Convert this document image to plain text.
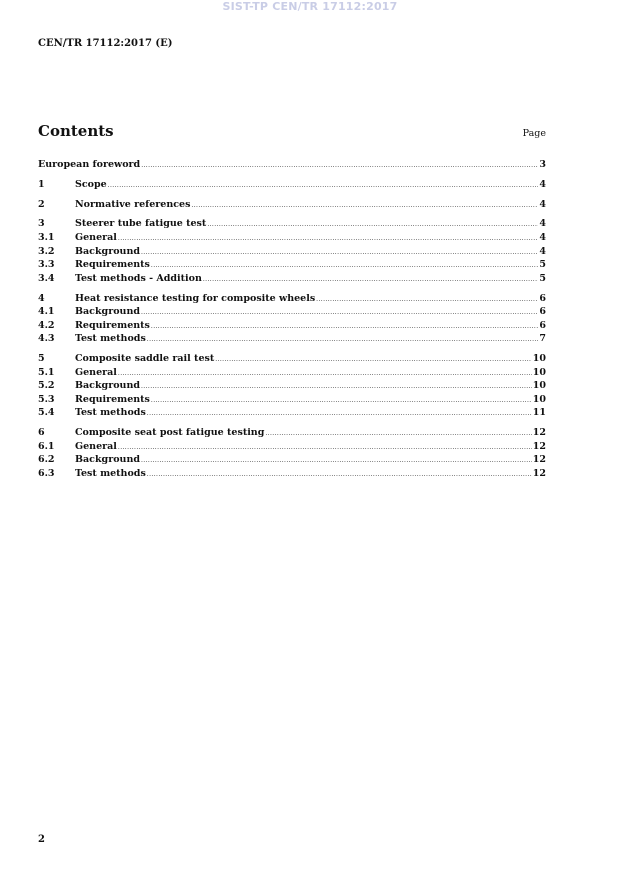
SIST-TP CEN/TR 17112:2017
CEN/TR 17112:2017 (E)
Contents	Page
European foreword .....	3
1	Scope .....	4
2	Normative references .....	4
3	Steerer tube fatigue test .....	4
3.1	General .....	4
3.2	Background .....	4
3.3	Requirements .....	5
3.4	Test methods - Addition .....	5
4	Heat resistance testing for composite wheels .....	6
4.1	Background .....	6
4.2	Requirements .....	6
4.3	Test methods .....	7
5	Composite saddle rail test .....	10
5.1	General .....	10
5.2	Background .....	10
5.3	Requirements .....	10
5.4	Test methods .....	11
6	Composite seat post fatigue testing .....	12
6.1	General .....	12
6.2	Background .....	12
6.3	Test methods .....	12
2
